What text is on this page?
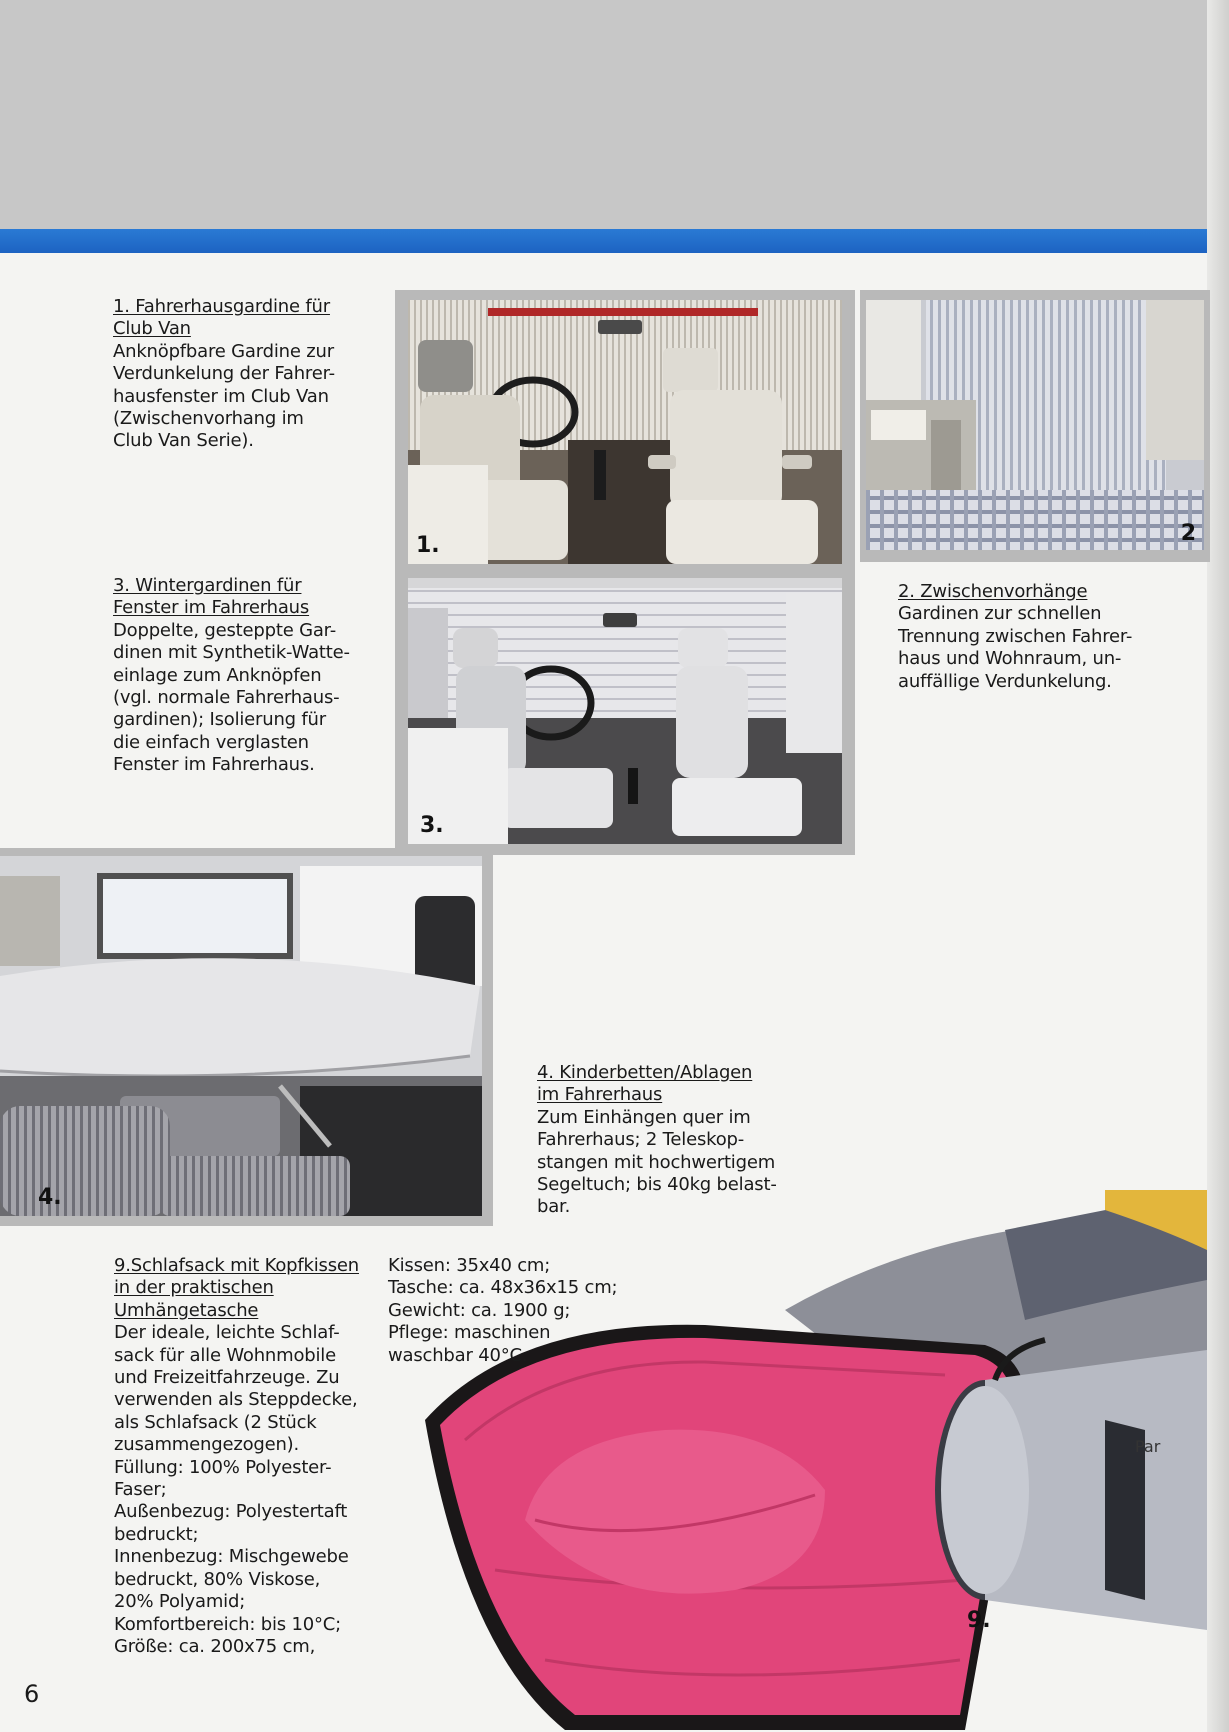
1. Fahrerhausgardine für
Club Van

Anknöpfbare Gardine zur
Verdunkelung der Fahrer-
hausfenster im Club Van
(Zwischenvorhang im
Club Van Serie).

3. Wintergardinen für
Fenster im Fahrerhaus

Doppelte, gesteppte Gar-
dinen mit Synthetik-Watte-
einlage zum Anknöpfen
(vgl. normale Fahrerhaus-
gardinen); Isolierung für
die einfach verglasten
Fenster im Fahrerhaus.

2. Zwischenvorhänge

Gardinen zur schnellen
Trennung zwischen Fahrer-
haus und Wohnraum, un-
auffällige Verdunkelung.

1.	2
3.
4.

4. Kinderbetten/Ablagen
im Fahrerhaus

Zum Einhängen quer im
Fahrerhaus; 2 Teleskop-
stangen mit hochwertigem
Segeltuch; bis 40kg belast-
bar.

Par
9.

9.Schlafsack mit Kopfkissen
in der praktischen
Umhängetasche

Der ideale, leichte Schlaf-
sack für alle Wohnmobile
und Freizeitfahrzeuge. Zu
verwenden als Steppdecke,
als Schlafsack (2 Stück
zusammengezogen).
Füllung: 100% Polyester-
Faser;
Außenbezug: Polyestertaft
bedruckt;
Innenbezug: Mischgewebe
bedruckt, 80% Viskose,
20% Polyamid;
Komfortbereich: bis 10°C;
Größe: ca. 200x75 cm,

Kissen: 35x40 cm;
Tasche: ca. 48x36x15 cm;
Gewicht: ca. 1900 g;
Pflege: maschinen
waschbar 40°C.

6
